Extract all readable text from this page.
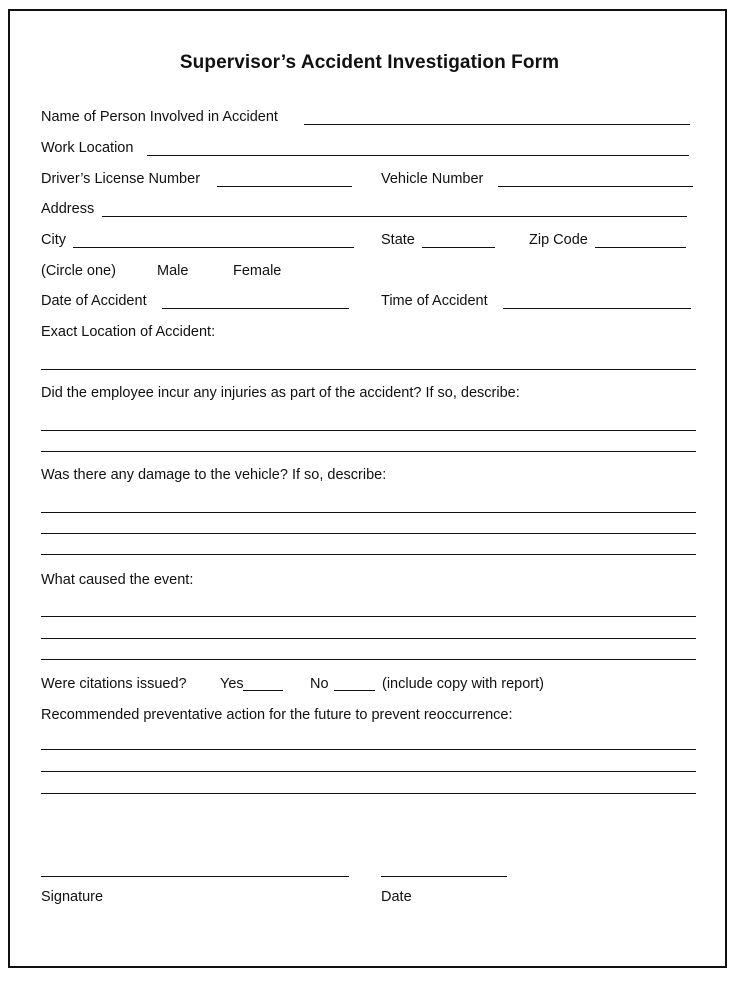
Supervisor’s Accident Investigation Form
Name of Person Involved in Accident
Work Location
Driver’s License Number	Vehicle Number
Address
City	State	Zip Code
(Circle one)	Male	Female
Date of Accident	Time of Accident
Exact Location of Accident:
Did the employee incur any injuries as part of the accident? If so, describe:
Was there any damage to the vehicle? If so, describe:
What caused the event:
Were citations issued? Yes	No	(include copy with report)
Recommended preventative action for the future to prevent reoccurrence:
Signature	Date
